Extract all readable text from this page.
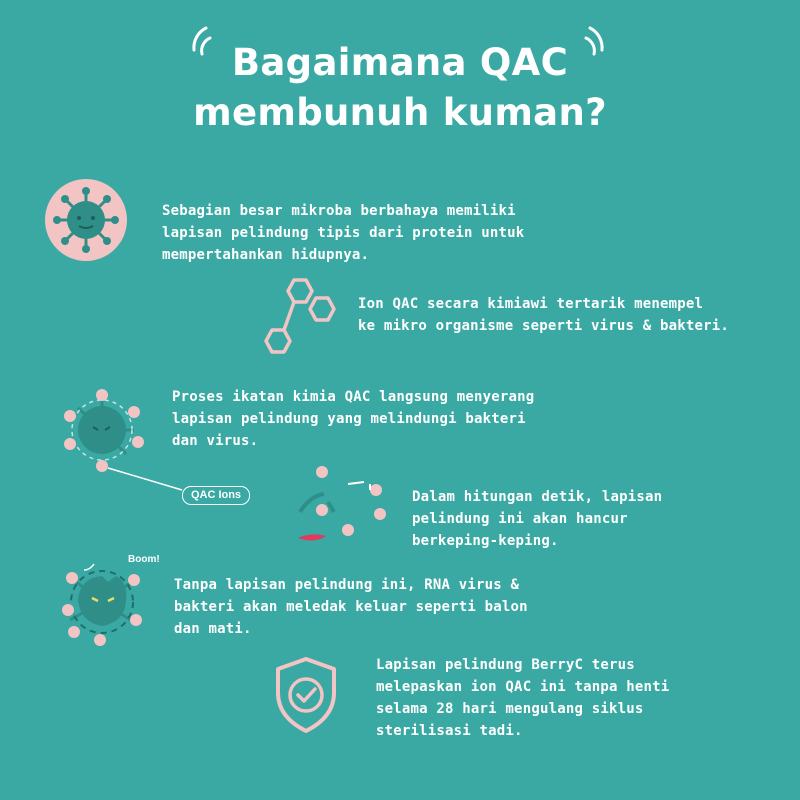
Bagaimana QAC
membunuh kuman?
Sebagian besar mikroba berbahaya memiliki
lapisan pelindung tipis dari protein untuk
mempertahankan hidupnya.
Ion QAC secara kimiawi tertarik menempel
ke mikro organisme seperti virus & bakteri.
QAC Ions
Proses ikatan kimia QAC langsung menyerang
lapisan pelindung yang melindungi bakteri
dan virus.
Dalam hitungan detik, lapisan
pelindung ini akan hancur
berkeping-keping.
Boom!
Tanpa lapisan pelindung ini, RNA virus &
bakteri akan meledak keluar seperti balon
dan mati.
Lapisan pelindung BerryC terus
melepaskan ion QAC ini tanpa henti
selama 28 hari mengulang siklus
sterilisasi tadi.
